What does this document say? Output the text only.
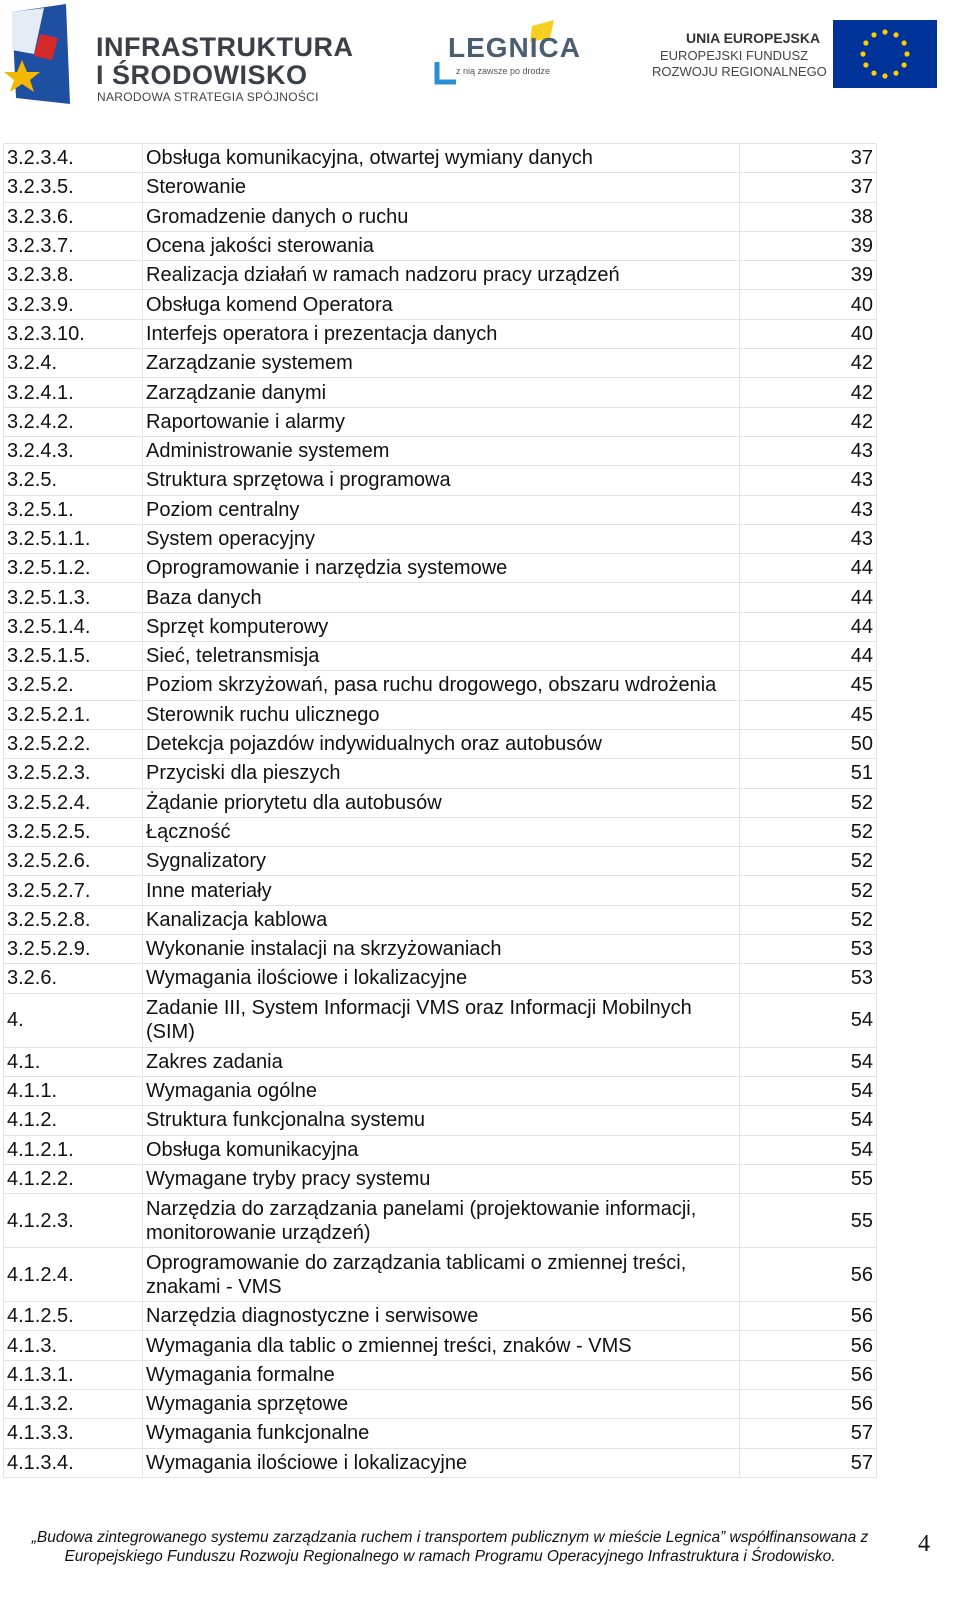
INFRASTRUKTURA
I ŚRODOWISKO
NARODOWA STRATEGIA SPÓJNOŚCI
LEGNICA
z nią zawsze po drodze
UNIA EUROPEJSKA
EUROPEJSKI FUNDUSZ
ROZWOJU REGIONALNEGO
3.2.3.4.	Obsługa komunikacyjna, otwartej wymiany danych	37
3.2.3.5.	Sterowanie	37
3.2.3.6.	Gromadzenie danych o ruchu	38
3.2.3.7.	Ocena jakości sterowania	39
3.2.3.8.	Realizacja działań w ramach nadzoru pracy urządzeń	39
3.2.3.9.	Obsługa komend Operatora	40
3.2.3.10.	Interfejs operatora i prezentacja danych	40
3.2.4.	Zarządzanie systemem	42
3.2.4.1.	Zarządzanie danymi	42
3.2.4.2.	Raportowanie i alarmy	42
3.2.4.3.	Administrowanie systemem	43
3.2.5.	Struktura sprzętowa i programowa	43
3.2.5.1.	Poziom centralny	43
3.2.5.1.1.	System operacyjny	43
3.2.5.1.2.	Oprogramowanie i narzędzia systemowe	44
3.2.5.1.3.	Baza danych	44
3.2.5.1.4.	Sprzęt komputerowy	44
3.2.5.1.5.	Sieć, teletransmisja	44
3.2.5.2.	Poziom skrzyżowań, pasa ruchu drogowego, obszaru wdrożenia	45
3.2.5.2.1.	Sterownik ruchu ulicznego	45
3.2.5.2.2.	Detekcja pojazdów indywidualnych oraz autobusów	50
3.2.5.2.3.	Przyciski dla pieszych	51
3.2.5.2.4.	Żądanie priorytetu dla autobusów	52
3.2.5.2.5.	Łączność	52
3.2.5.2.6.	Sygnalizatory	52
3.2.5.2.7.	Inne materiały	52
3.2.5.2.8.	Kanalizacja kablowa	52
3.2.5.2.9.	Wykonanie instalacji na skrzyżowaniach	53
3.2.6.	Wymagania ilościowe i lokalizacyjne	53
4.	Zadanie III, System Informacji VMS oraz Informacji Mobilnych (SIM)	54
4.1.	Zakres zadania	54
4.1.1.	Wymagania ogólne	54
4.1.2.	Struktura funkcjonalna systemu	54
4.1.2.1.	Obsługa komunikacyjna	54
4.1.2.2.	Wymagane tryby pracy systemu	55
4.1.2.3.	Narzędzia do zarządzania panelami (projektowanie informacji, monitorowanie urządzeń)	55
4.1.2.4.	Oprogramowanie do zarządzania tablicami o zmiennej treści, znakami - VMS	56
4.1.2.5.	Narzędzia diagnostyczne i serwisowe	56
4.1.3.	Wymagania dla tablic o zmiennej treści, znaków - VMS	56
4.1.3.1.	Wymagania formalne	56
4.1.3.2.	Wymagania sprzętowe	56
4.1.3.3.	Wymagania funkcjonalne	57
4.1.3.4.	Wymagania ilościowe i lokalizacyjne	57
„Budowa zintegrowanego systemu zarządzania ruchem i transportem publicznym w mieście Legnica” współfinansowana z
Europejskiego Funduszu Rozwoju Regionalnego w ramach Programu Operacyjnego Infrastruktura i Środowisko.	4
